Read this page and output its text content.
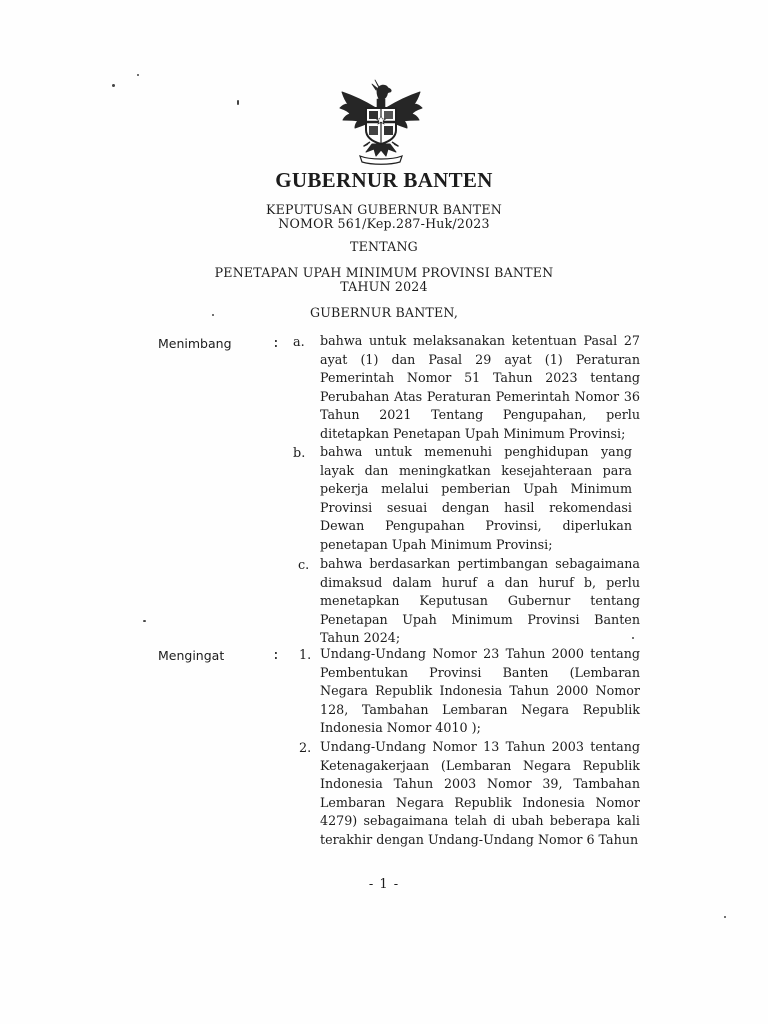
GUBERNUR BANTEN
KEPUTUSAN GUBERNUR BANTEN
NOMOR 561/Kep.287-Huk/2023
TENTANG
PENETAPAN UPAH MINIMUM PROVINSI BANTEN
TAHUN 2024
GUBERNUR BANTEN,
Menimbang	: a. bahwa untuk melaksanakan ketentuan Pasal 27 ayat (1) dan Pasal 29 ayat (1) Peraturan Pemerintah Nomor 51 Tahun 2023 tentang Perubahan Atas Peraturan Pemerintah Nomor 36 Tahun 2021 Tentang Pengupahan, perlu ditetapkan Penetapan Upah Minimum Provinsi;
b. bahwa untuk memenuhi penghidupan yang layak dan meningkatkan kesejahteraan para pekerja melalui pemberian Upah Minimum Provinsi sesuai dengan hasil rekomendasi Dewan Pengupahan Provinsi, diperlukan penetapan Upah Minimum Provinsi;
c. bahwa berdasarkan pertimbangan sebagaimana dimaksud dalam huruf a dan huruf b, perlu menetapkan Keputusan Gubernur tentang Penetapan Upah Minimum Provinsi Banten Tahun 2024;
Mengingat	: 1. Undang-Undang Nomor 23 Tahun 2000 tentang Pembentukan Provinsi Banten (Lembaran Negara Republik Indonesia Tahun 2000 Nomor 128, Tambahan Lembaran Negara Republik Indonesia Nomor 4010 );
2. Undang-Undang Nomor 13 Tahun 2003 tentang Ketenagakerjaan (Lembaran Negara Republik Indonesia Tahun 2003 Nomor 39, Tambahan Lembaran Negara Republik Indonesia Nomor 4279) sebagaimana telah di ubah beberapa kali terakhir dengan Undang-Undang Nomor 6 Tahun
- 1 -
